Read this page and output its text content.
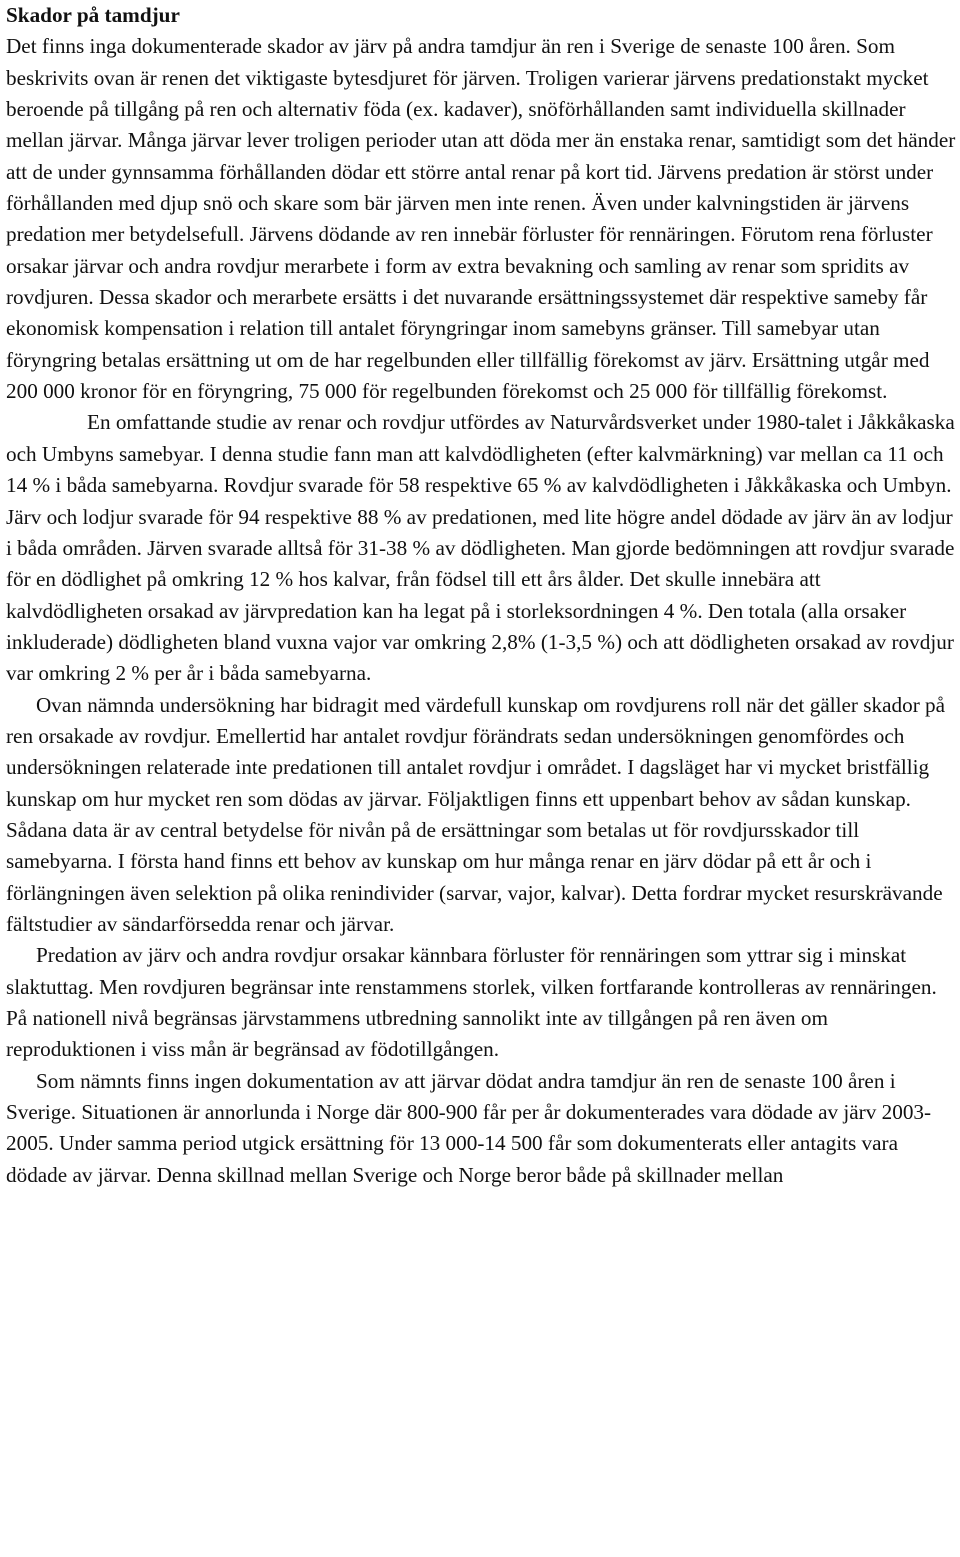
Skador på tamdjur

Det finns inga dokumenterade skador av järv på andra tamdjur än ren i Sverige de senaste 100 åren. Som beskrivits ovan är renen det viktigaste bytesdjuret för järven. Troligen varierar järvens predationstakt mycket beroende på tillgång på ren och alternativ föda (ex. kadaver), snöförhållanden samt individuella skillnader mellan järvar. Många järvar lever troligen perioder utan att döda mer än enstaka renar, samtidigt som det händer att de under gynnsamma förhållanden dödar ett större antal renar på kort tid. Järvens predation är störst under förhållanden med djup snö och skare som bär järven men inte renen. Även under kalvningstiden är järvens predation mer betydelsefull. Järvens dödande av ren innebär förluster för rennäringen. Förutom rena förluster orsakar järvar och andra rovdjur merarbete i form av extra bevakning och samling av renar som spridits av rovdjuren. Dessa skador och merarbete ersätts i det nuvarande ersättningssystemet där respektive sameby får ekonomisk kompensation i relation till antalet föryngringar inom samebyns gränser. Till samebyar utan föryngring betalas ersättning ut om de har regelbunden eller tillfällig förekomst av järv. Ersättning utgår med 200 000 kronor för en föryngring, 75 000 för regelbunden förekomst och 25 000 för tillfällig förekomst.

En omfattande studie av renar och rovdjur utfördes av Naturvårdsverket under 1980-talet i Jåkkåkaska och Umbyns samebyar. I denna studie fann man att kalvdödligheten (efter kalvmärkning) var mellan ca 11 och 14 % i båda samebyarna. Rovdjur svarade för 58 respektive 65 % av kalvdödligheten i Jåkkåkaska och Umbyn. Järv och lodjur svarade för 94 respektive 88 % av predationen, med lite högre andel dödade av järv än av lodjur i båda områden. Järven svarade alltså för 31-38 % av dödligheten. Man gjorde bedömningen att rovdjur svarade för en dödlighet på omkring 12 % hos kalvar, från födsel till ett års ålder. Det skulle innebära att kalvdödligheten orsakad av järvpredation kan ha legat på i storleksordningen 4 %. Den totala (alla orsaker inkluderade) dödligheten bland vuxna vajor var omkring 2,8% (1-3,5 %) och att dödligheten orsakad av rovdjur var omkring 2 % per år i båda samebyarna.

Ovan nämnda undersökning har bidragit med värdefull kunskap om rovdjurens roll när det gäller skador på ren orsakade av rovdjur. Emellertid har antalet rovdjur förändrats sedan undersökningen genomfördes och undersökningen relaterade inte predationen till antalet rovdjur i området. I dagsläget har vi mycket bristfällig kunskap om hur mycket ren som dödas av järvar. Följaktligen finns ett uppenbart behov av sådan kunskap. Sådana data är av central betydelse för nivån på de ersättningar som betalas ut för rovdjursskador till samebyarna. I första hand finns ett behov av kunskap om hur många renar en järv dödar på ett år och i förlängningen även selektion på olika renindivider (sarvar, vajor, kalvar). Detta fordrar mycket resurskrävande fältstudier av sändarförsedda renar och järvar.

Predation av järv och andra rovdjur orsakar kännbara förluster för rennäringen som yttrar sig i minskat slaktuttag. Men rovdjuren begränsar inte renstammens storlek, vilken fortfarande kontrolleras av rennäringen. På nationell nivå begränsas järvstammens utbredning sannolikt inte av tillgången på ren även om reproduktionen i viss mån är begränsad av födotillgången.

Som nämnts finns ingen dokumentation av att järvar dödat andra tamdjur än ren de senaste 100 åren i Sverige. Situationen är annorlunda i Norge där 800-900 får per år dokumenterades vara dödade av järv 2003-2005. Under samma period utgick ersättning för 13 000-14 500 får som dokumenterats eller antagits vara dödade av järvar. Denna skillnad mellan Sverige och Norge beror både på skillnader mellan
